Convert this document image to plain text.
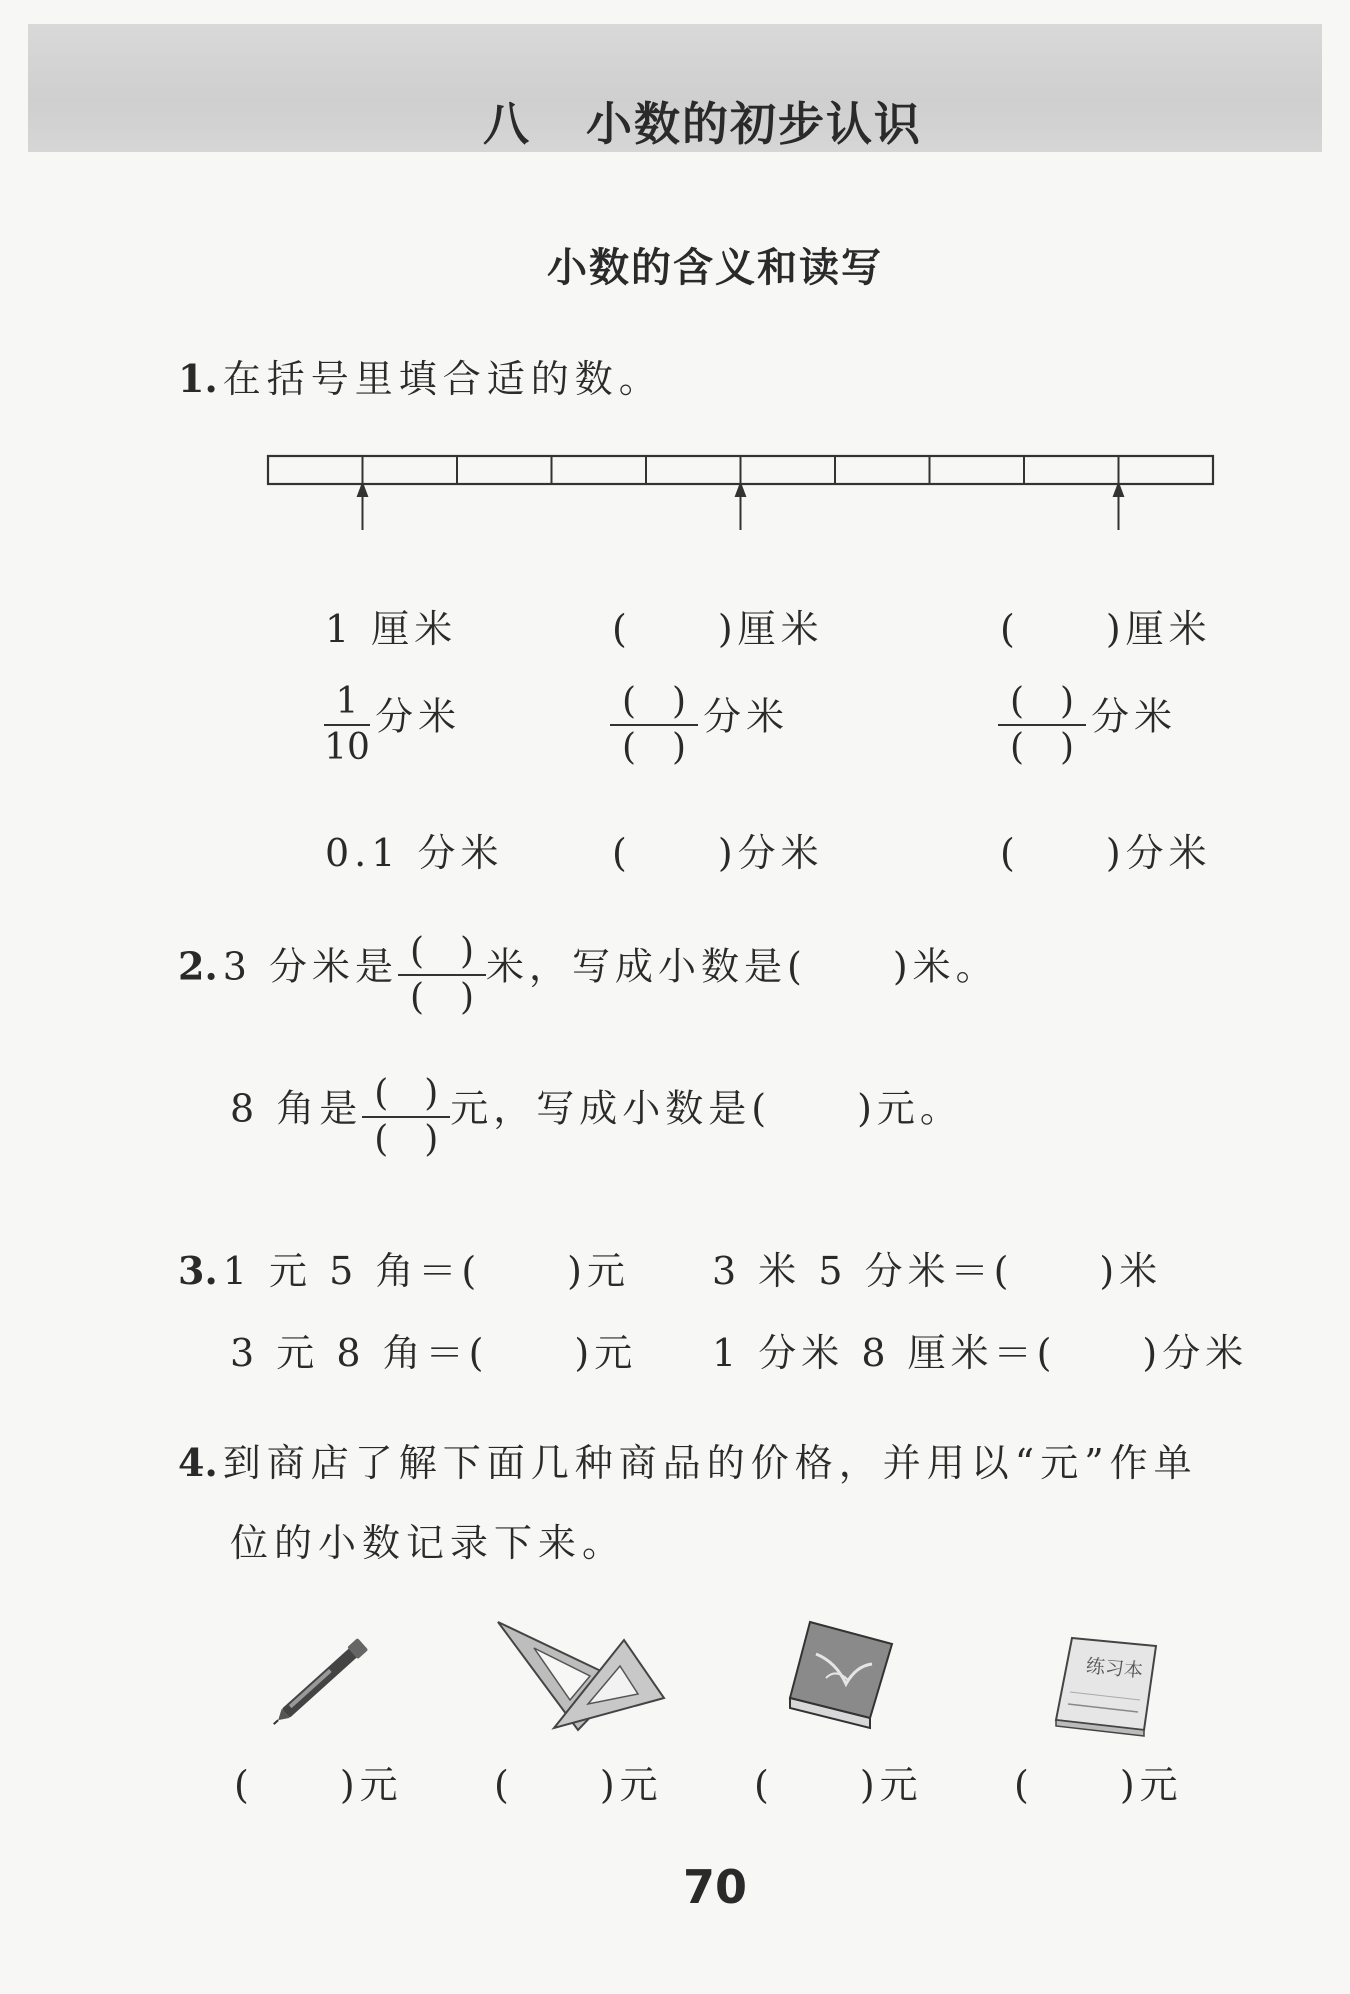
八 小数的初步认识
小数的含义和读写
1. 在括号里填合适的数。
1 厘米	(　　)厘米	(　　)厘米
$\frac{1}{10}$ 分米	$\frac{( )}{( )}$ 分米	$\frac{( )}{( )}$ 分米
0.1 分米	(　　)分米	(　　)分米
2. 3 分米是 $\frac{( )}{( )}$ 米，写成小数是(　　)米。
8 角是 $\frac{( )}{( )}$ 元，写成小数是(　　)元。
3. 1 元 5 角＝(　　)元 3 米 5 分米＝(　　)米
3 元 8 角＝(　　)元 1 分米 8 厘米＝(　　)分米
4. 到商店了解下面几种商品的价格，并用以“元”作单
位的小数记录下来。
练习本
(　　)元 (　　)元 (　　)元 (　　)元
70
